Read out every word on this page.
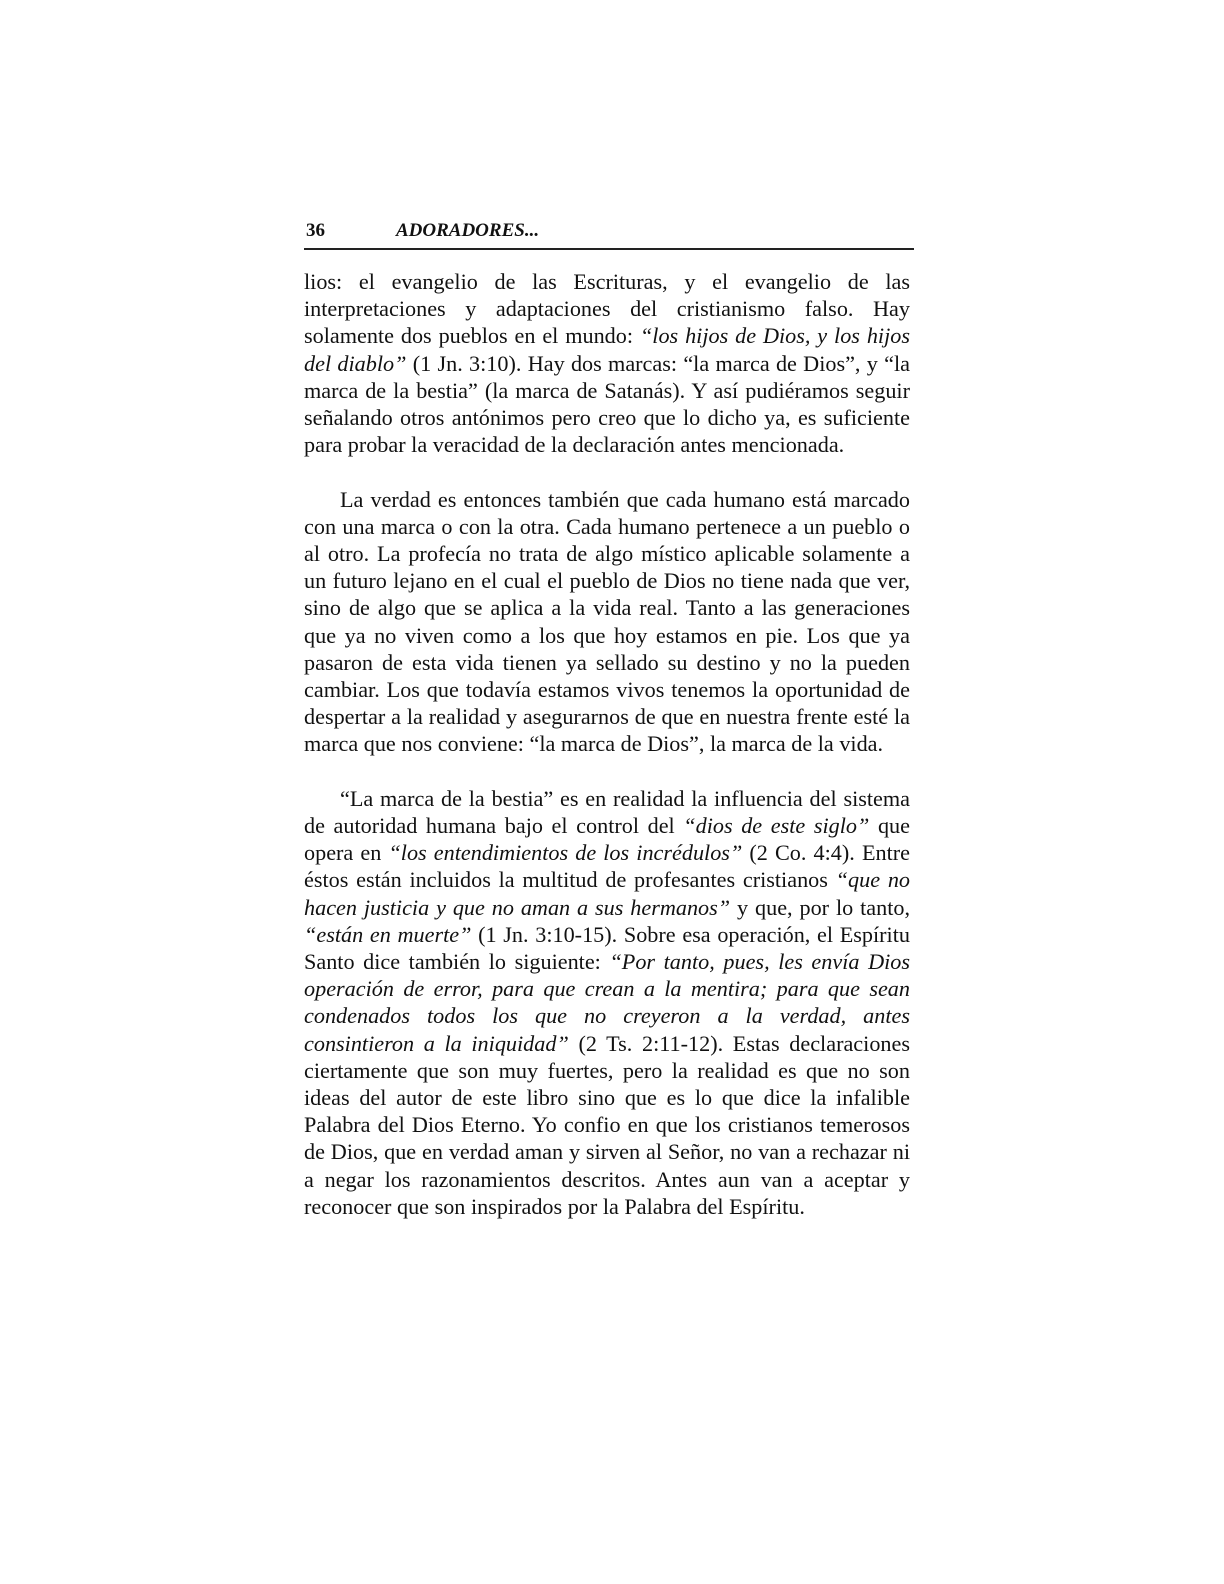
36	ADORADORES...

lios: el evangelio de las Escrituras, y el evangelio de las interpretaciones y adaptaciones del cristianismo falso. Hay solamente dos pueblos en el mundo: “los hijos de Dios, y los hijos del diablo” (1 Jn. 3:10). Hay dos marcas: “la marca de Dios”, y “la marca de la bestia” (la marca de Satanás). Y así pudiéramos seguir señalando otros antónimos pero creo que lo dicho ya, es suficiente para probar la veracidad de la declaración antes mencionada.

La verdad es entonces también que cada humano está marcado con una marca o con la otra. Cada humano pertenece a un pueblo o al otro. La profecía no trata de algo místico aplicable solamente a un futuro lejano en el cual el pueblo de Dios no tiene nada que ver, sino de algo que se aplica a la vida real. Tanto a las generaciones que ya no viven como a los que hoy estamos en pie. Los que ya pasaron de esta vida tienen ya sellado su destino y no la pueden cambiar. Los que todavía estamos vivos tenemos la oportunidad de despertar a la realidad y asegurarnos de que en nuestra frente esté la marca que nos conviene: “la marca de Dios”, la marca de la vida.

“La marca de la bestia” es en realidad la influencia del sistema de autoridad humana bajo el control del “dios de este siglo” que opera en “los entendimientos de los incrédulos” (2 Co. 4:4). Entre éstos están incluidos la multitud de profesantes cristianos “que no hacen justicia y que no aman a sus hermanos” y que, por lo tanto, “están en muerte” (1 Jn. 3:10-15). Sobre esa operación, el Espíritu Santo dice también lo siguiente: “Por tanto, pues, les envía Dios operación de error, para que crean a la mentira; para que sean condenados todos los que no creyeron a la verdad, antes consintieron a la iniquidad” (2 Ts. 2:11-12). Estas declaraciones ciertamente que son muy fuertes, pero la realidad es que no son ideas del autor de este libro sino que es lo que dice la infalible Palabra del Dios Eterno. Yo confio en que los cristianos temerosos de Dios, que en verdad aman y sirven al Señor, no van a rechazar ni a negar los razonamientos descritos. Antes aun van a aceptar y reconocer que son inspirados por la Palabra del Espíritu.
